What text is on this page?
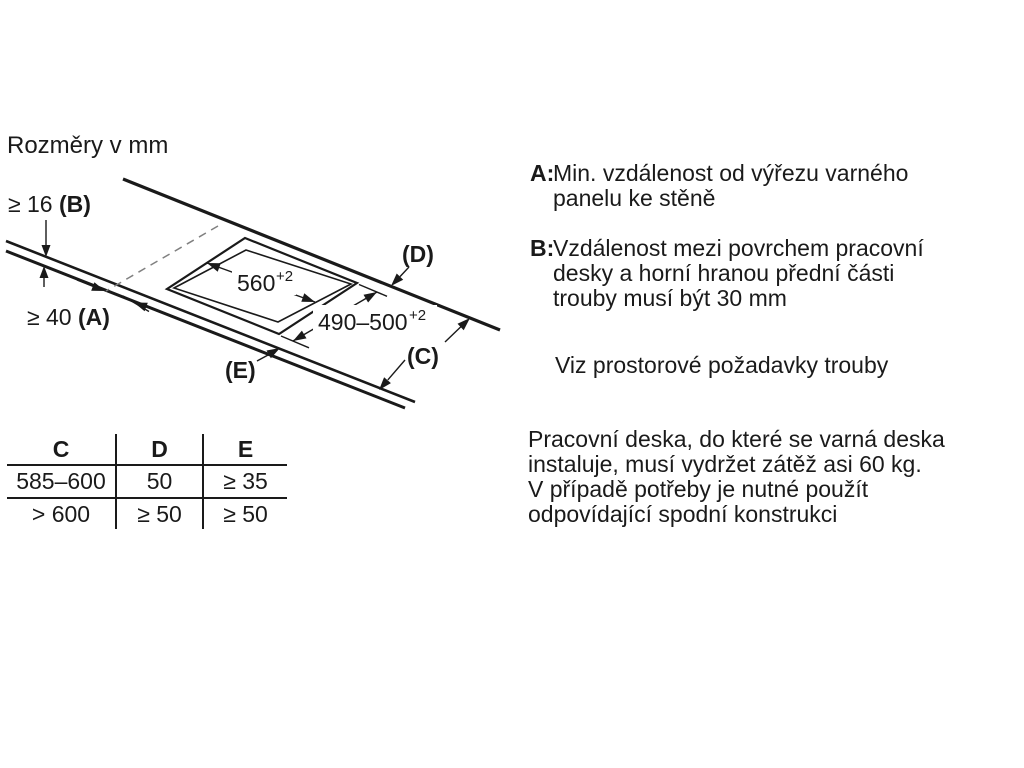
Rozměry v mm
≥ 16 (B)
≥ 40 (A)
560 +2
490–500 +2
(D)
(C)
(E)
C	D	E
585–600	50	≥ 35
> 600	≥ 50	≥ 50
A:
Min. vzdálenost od výřezu varného
panelu ke stěně
B:
Vzdálenost mezi povrchem pracovní
desky a horní hranou přední části
trouby musí být 30 mm
Viz prostorové požadavky trouby
Pracovní deska, do které se varná deska
instaluje, musí vydržet zátěž asi 60 kg.
V případě potřeby je nutné použít
odpovídající spodní konstrukci
